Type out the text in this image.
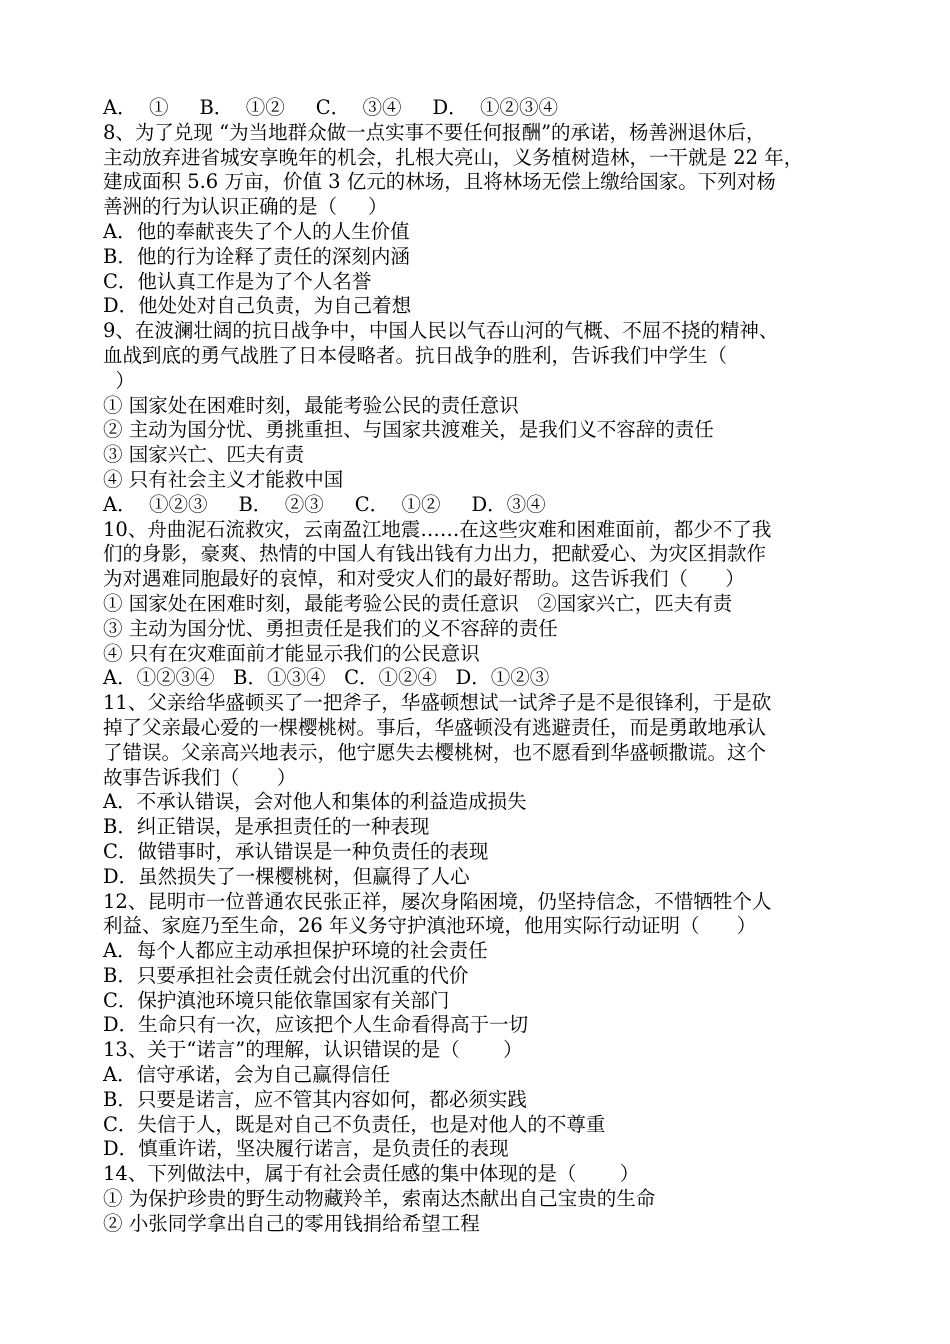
A．  ①     B．  ①②     C．  ③④     D．  ①②③④
8、为了兑现 “为当地群众做一点实事不要任何报酬”的承诺，杨善洲退休后，
主动放弃进省城安享晚年的机会，扎根大亮山，义务植树造林，一干就是 22 年，
建成面积 5.6 万亩，价值 3 亿元的林场，且将林场无偿上缴给国家。下列对杨
善洲的行为认识正确的是（     ）
A．他的奉献丧失了个人的人生价值
B．他的行为诠释了责任的深刻内涵
C．他认真工作是为了个人名誉
D．他处处对自己负责，为自己着想
9、在波澜壮阔的抗日战争中，中国人民以气吞山河的气概、不屈不挠的精神、
血战到底的勇气战胜了日本侵略者。抗日战争的胜利，告诉我们中学生（
）
① 国家处在困难时刻，最能考验公民的责任意识
② 主动为国分忧、勇挑重担、与国家共渡难关，是我们义不容辞的责任
③ 国家兴亡、匹夫有责
④ 只有社会主义才能救中国
A．  ①②③     B．  ②③     C．  ①②     D．③④
10、舟曲泥石流救灾，云南盈江地震……在这些灾难和困难面前，都少不了我
们的身影，豪爽、热情的中国人有钱出钱有力出力，把献爱心、为灾区捐款作
为对遇难同胞最好的哀悼，和对受灾人们的最好帮助。这告诉我们（      ）
① 国家处在困难时刻，最能考验公民的责任意识   ②国家兴亡，匹夫有责
③ 主动为国分忧、勇担责任是我们的义不容辞的责任
④ 只有在灾难面前才能显示我们的公民意识
A．①②③④   B．①③④   C．①②④   D．①②③
11、父亲给华盛顿买了一把斧子，华盛顿想试一试斧子是不是很锋利，于是砍
掉了父亲最心爱的一棵樱桃树。事后，华盛顿没有逃避责任，而是勇敢地承认
了错误。父亲高兴地表示，他宁愿失去樱桃树，也不愿看到华盛顿撒谎。这个
故事告诉我们（      ）
A．不承认错误，会对他人和集体的利益造成损失
B．纠正错误，是承担责任的一种表现
C．做错事时，承认错误是一种负责任的表现
D．虽然损失了一棵樱桃树，但赢得了人心
12、昆明市一位普通农民张正祥，屡次身陷困境，仍坚持信念，不惜牺牲个人
利益、家庭乃至生命，26 年义务守护滇池环境，他用实际行动证明（      ）
A．每个人都应主动承担保护环境的社会责任
B．只要承担社会责任就会付出沉重的代价
C．保护滇池环境只能依靠国家有关部门
D．生命只有一次，应该把个人生命看得高于一切
13、关于“诺言”的理解，认识错误的是（       ）
A．信守承诺，会为自己赢得信任
B．只要是诺言，应不管其内容如何，都必须实践
C．失信于人，既是对自己不负责任，也是对他人的不尊重
D．慎重许诺，坚决履行诺言，是负责任的表现
14、下列做法中，属于有社会责任感的集中体现的是（       ）
① 为保护珍贵的野生动物藏羚羊，索南达杰献出自己宝贵的生命
② 小张同学拿出自己的零用钱捐给希望工程
